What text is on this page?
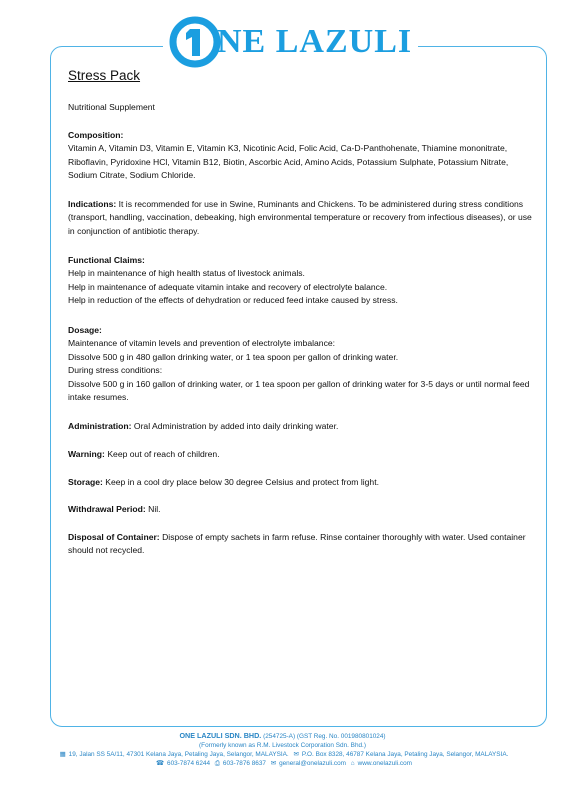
NE LAZULI
Stress Pack
Nutritional Supplement

Composition:

Vitamin A, Vitamin D3, Vitamin E, Vitamin K3, Nicotinic Acid, Folic Acid, Ca-D-Panthohenate, Thiamine mononitrate, Riboflavin, Pyridoxine HCl, Vitamin B12, Biotin, Ascorbic Acid, Amino Acids, Potassium Sulphate, Potassium Nitrate, Sodium Citrate, Sodium Chloride.

Indications: It is recommended for use in Swine, Ruminants and Chickens. To be administered during stress conditions (transport, handling, vaccination, debeaking, high environmental temperature or recovery from infectious diseases), or use in conjunction of antibiotic therapy.

Functional Claims:

Help in maintenance of high health status of livestock animals.

Help in maintenance of adequate vitamin intake and recovery of electrolyte balance.

Help in reduction of the effects of dehydration or reduced feed intake caused by stress.

Dosage:

Maintenance of vitamin levels and prevention of electrolyte imbalance:

Dissolve 500 g in 480 gallon drinking water, or 1 tea spoon per gallon of drinking water.

During stress conditions:

Dissolve 500 g in 160 gallon of drinking water, or 1 tea spoon per gallon of drinking water for 3-5 days or until normal feed intake resumes.

Administration: Oral Administration by added into daily drinking water.

Warning: Keep out of reach of children.

Storage: Keep in a cool dry place below 30 degree Celsius and protect from light.

Withdrawal Period: Nil.

Disposal of Container: Dispose of empty sachets in farm refuse. Rinse container thoroughly with water. Used container should not recycled.

ONE LAZULI SDN. BHD. (254725-A) (GST Reg. No. 001980801024)
(Formerly known as R.M. Livestock Corporation Sdn. Bhd.)
▦ 19, Jalan SS 5A/11, 47301 Kelana Jaya, Petaling Jaya, Selangor, MALAYSIA. ✉ P.O. Box 8328, 46787 Kelana Jaya, Petaling Jaya, Selangor, MALAYSIA.
☎ 603-7874 6244 ⎙ 603-7876 8637 ✉ general@onelazuli.com ⌂ www.onelazuli.com
